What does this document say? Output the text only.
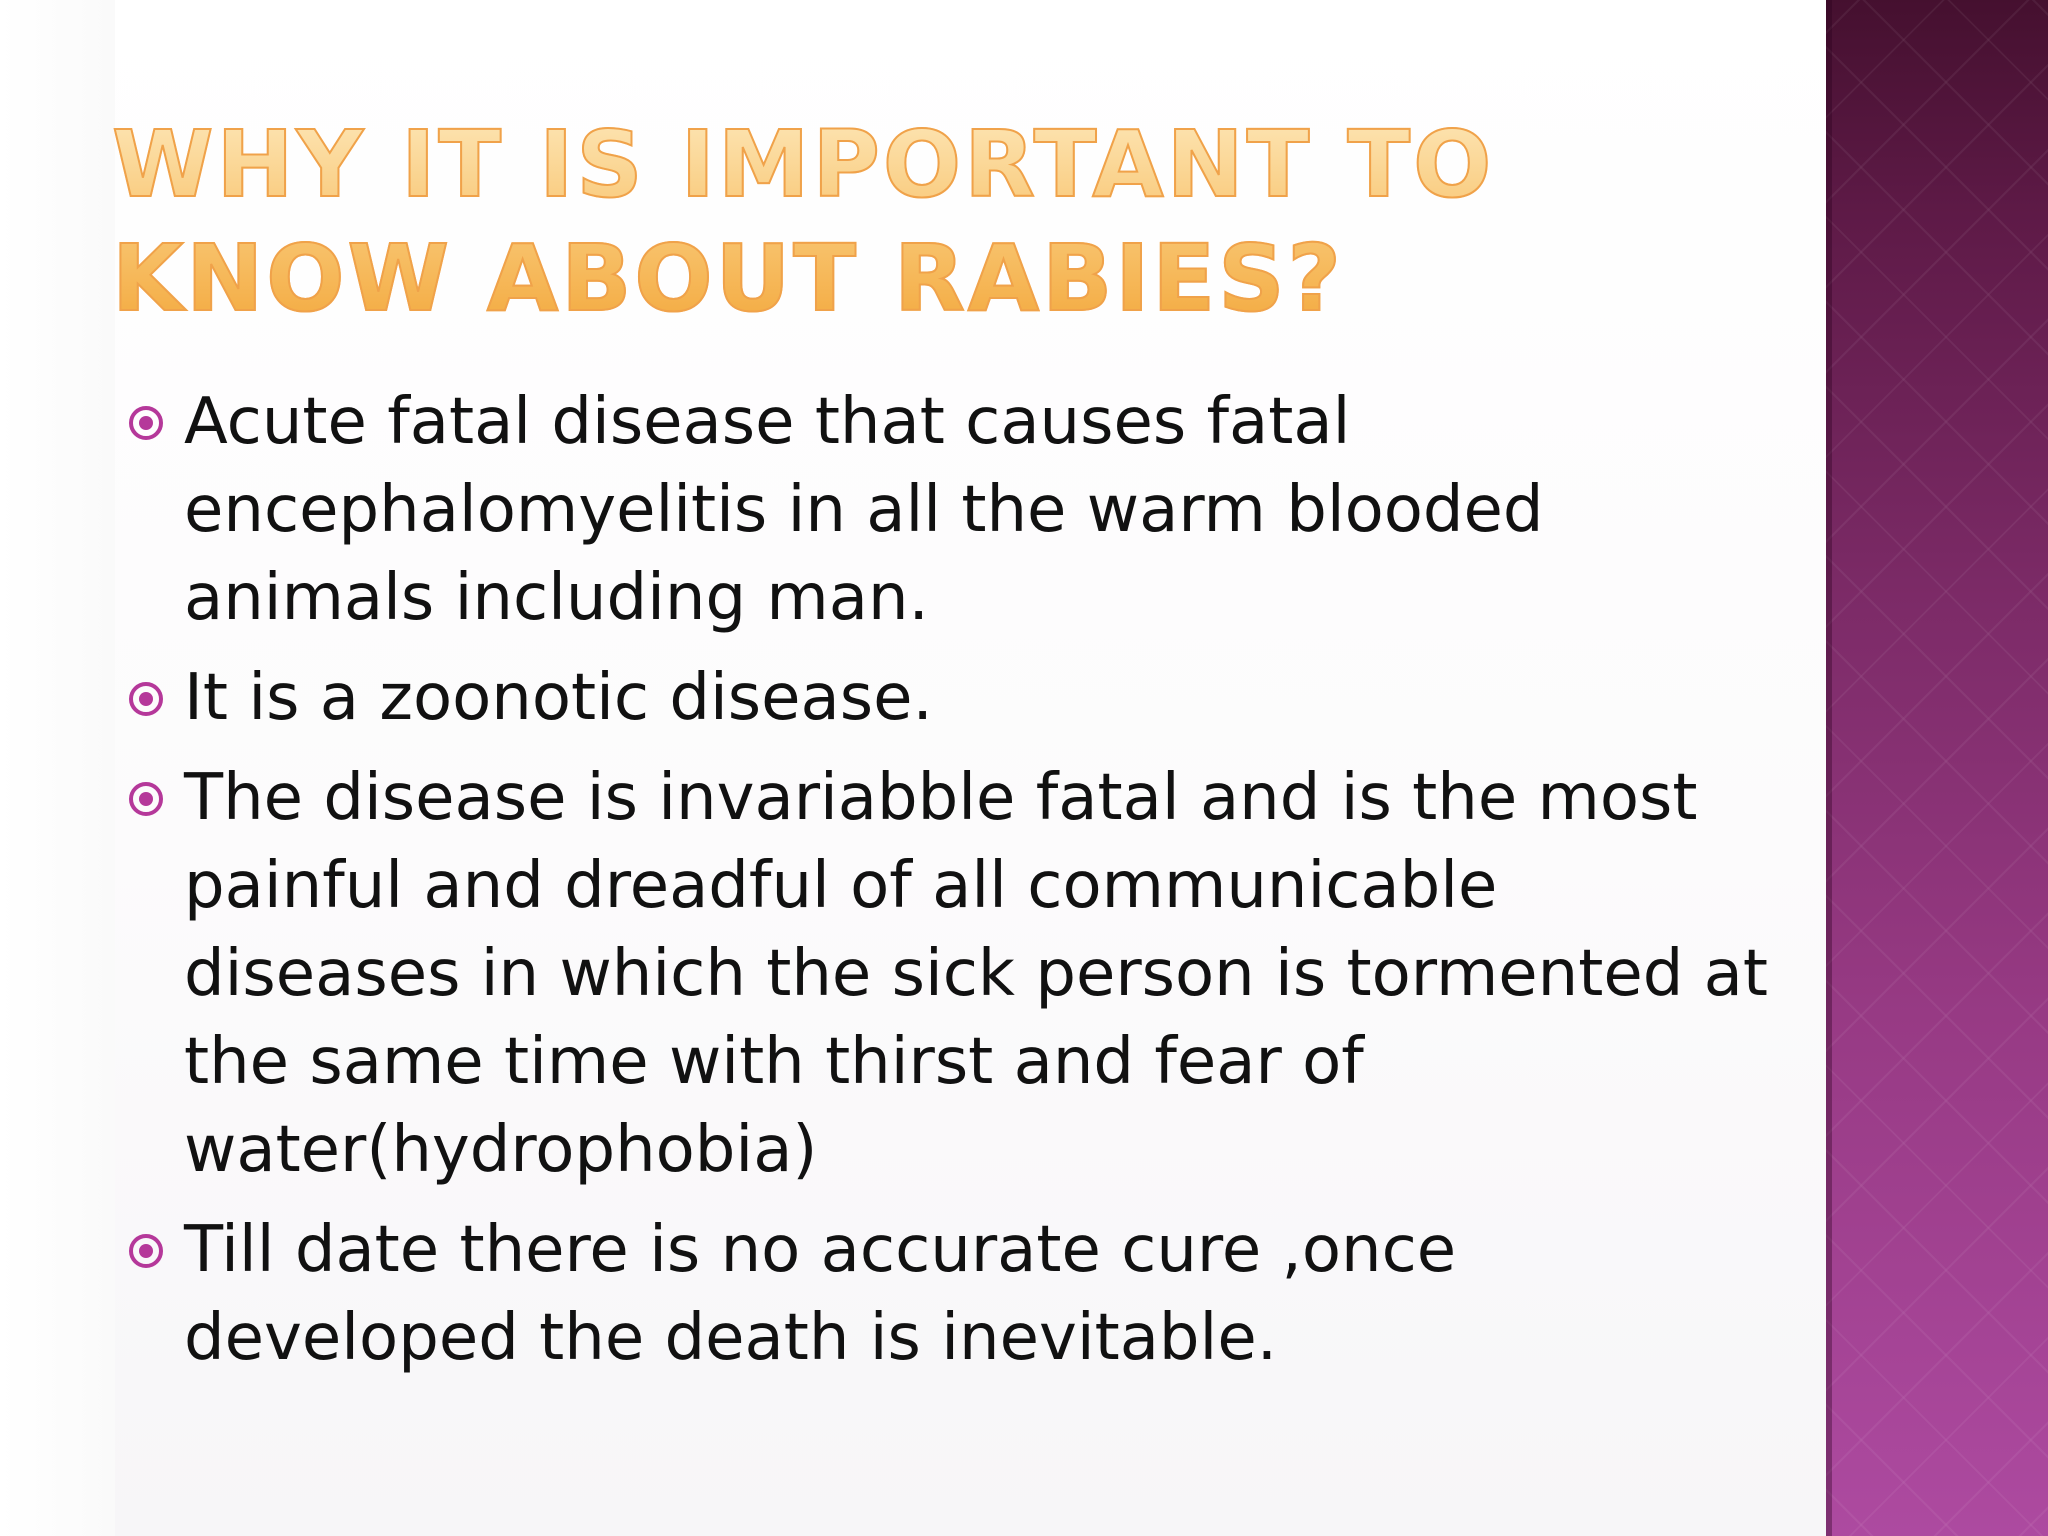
WHY IT IS IMPORTANT TO KNOW ABOUT RABIES?
Acute fatal disease that causes fatal encephalomyelitis in all the warm blooded animals including man.
It is a zoonotic disease.
The disease is invariabble fatal and is the most painful and dreadful of all communicable diseases in which the sick person is tormented at the same time with thirst and fear of water(hydrophobia)
Till date there is no accurate cure ,once developed the death is inevitable.
